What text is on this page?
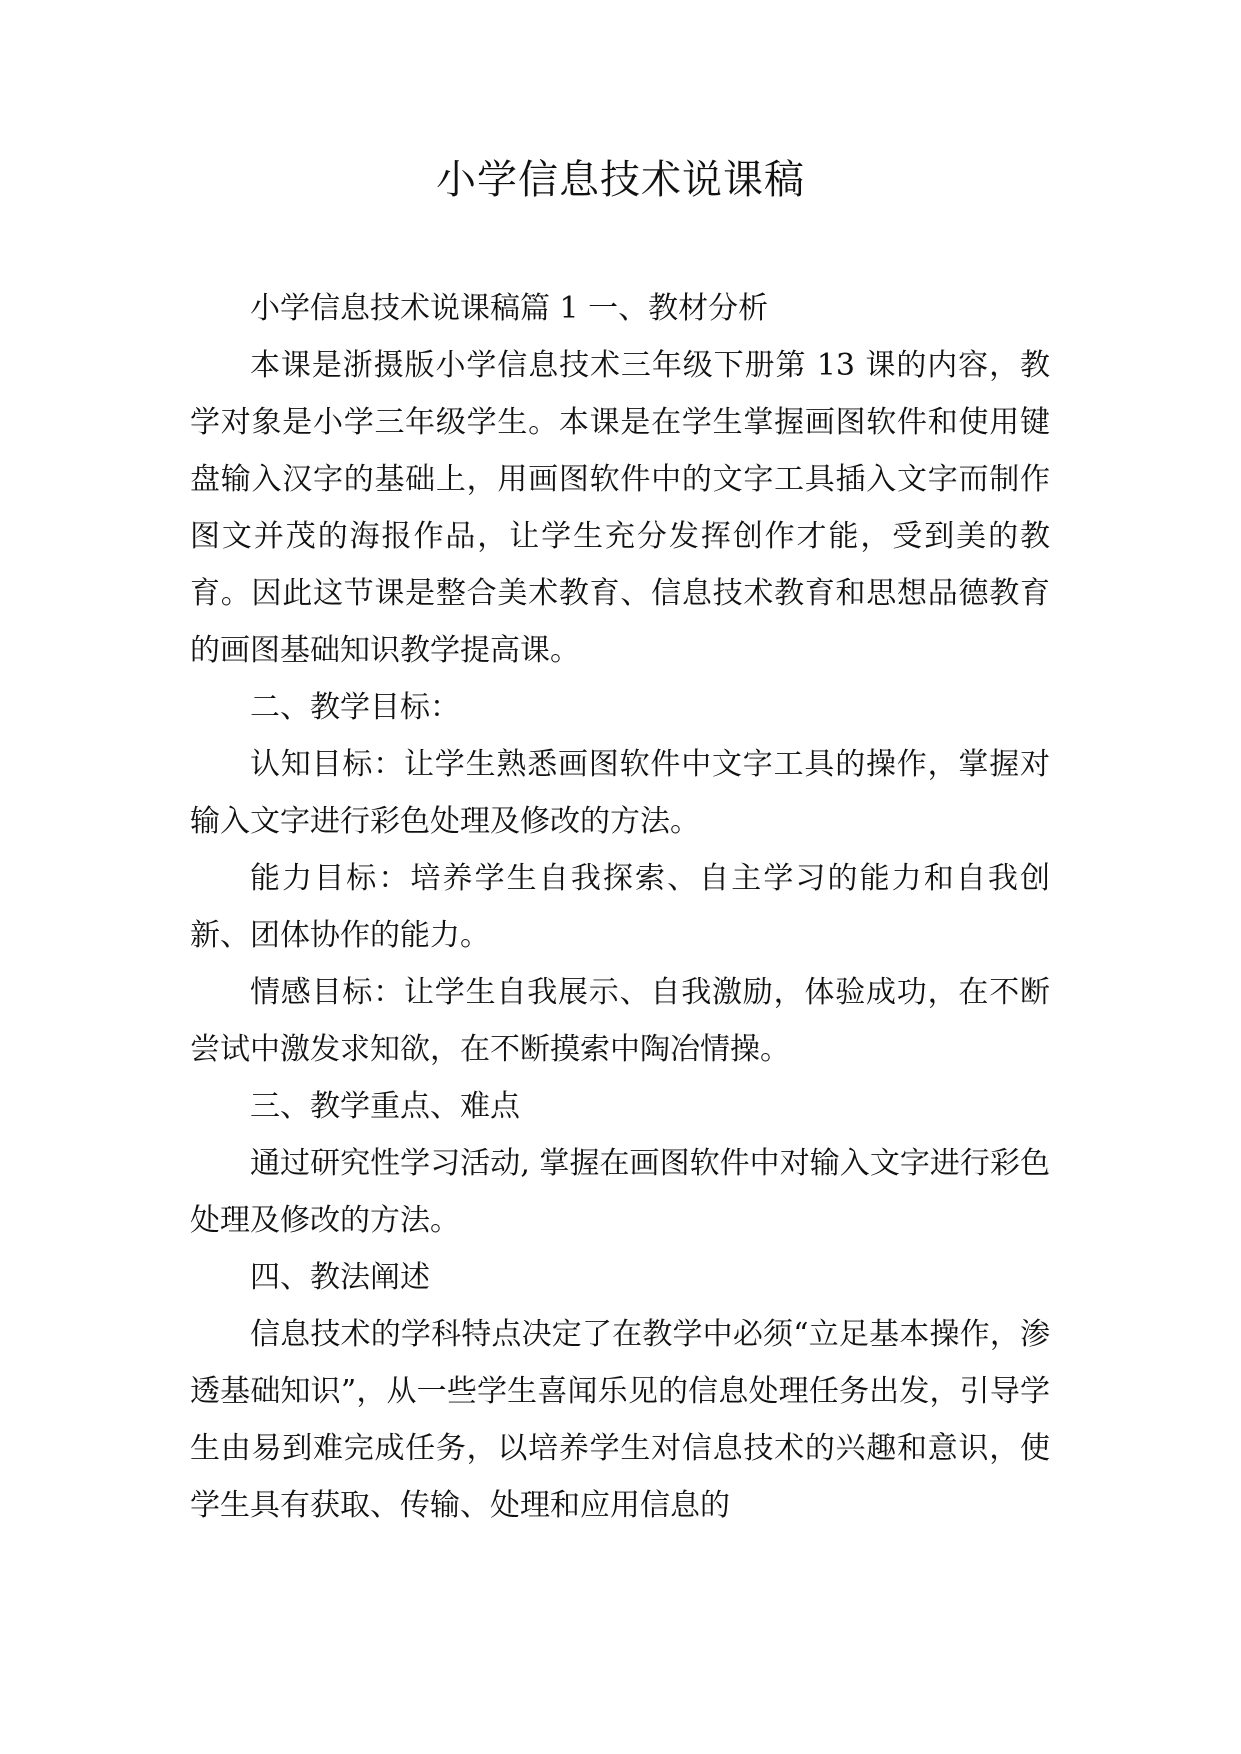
小学信息技术说课稿

小学信息技术说课稿篇 1 一、教材分析

本课是浙摄版小学信息技术三年级下册第 13 课的内容，教学对象是小学三年级学生。本课是在学生掌握画图软件和使用键盘输入汉字的基础上，用画图软件中的文字工具插入文字而制作图文并茂的海报作品，让学生充分发挥创作才能，受到美的教育。因此这节课是整合美术教育、信息技术教育和思想品德教育的画图基础知识教学提高课。

二、教学目标：

认知目标：让学生熟悉画图软件中文字工具的操作，掌握对输入文字进行彩色处理及修改的方法。

能力目标：培养学生自我探索、自主学习的能力和自我创新、团体协作的能力。

情感目标：让学生自我展示、自我激励，体验成功，在不断尝试中激发求知欲，在不断摸索中陶冶情操。

三、教学重点、难点

通过研究性学习活动, 掌握在画图软件中对输入文字进行彩色处理及修改的方法。

四、教法阐述

信息技术的学科特点决定了在教学中必须“立足基本操作，渗透基础知识”，从一些学生喜闻乐见的信息处理任务出发，引导学生由易到难完成任务，以培养学生对信息技术的兴趣和意识，使学生具有获取、传输、处理和应用信息的
